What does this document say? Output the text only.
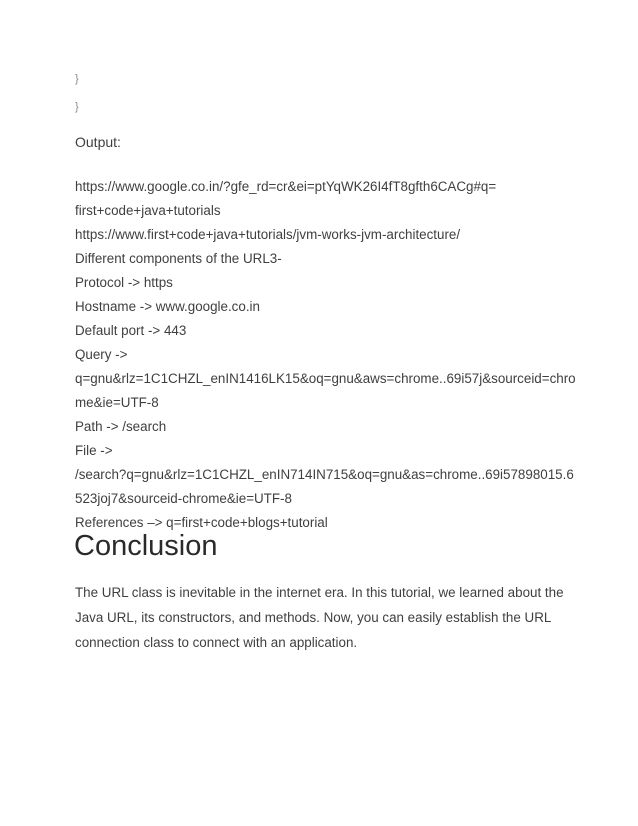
}
}
Output:
https://www.google.co.in/?gfe_rd=cr&ei=ptYqWK26I4fT8gfth6CACg#q=
first+code+java+tutorials
https://www.first+code+java+tutorials/jvm-works-jvm-architecture/
Different components of the URL3-
Protocol -> https
Hostname -> www.google.co.in
Default port -> 443
Query ->
q=gnu&rlz=1C1CHZL_enIN1416LK15&oq=gnu&aws=chrome..69i57j&sourceid=chro
me&ie=UTF-8
Path -> /search
File ->
/search?q=gnu&rlz=1C1CHZL_enIN714IN715&oq=gnu&as=chrome..69i57898015.6
523joj7&sourceid-chrome&ie=UTF-8
References –> q=first+code+blogs+tutorial
Conclusion
The URL class is inevitable in the internet era. In this tutorial, we learned about the
Java URL, its constructors, and methods. Now, you can easily establish the URL
connection class to connect with an application.
